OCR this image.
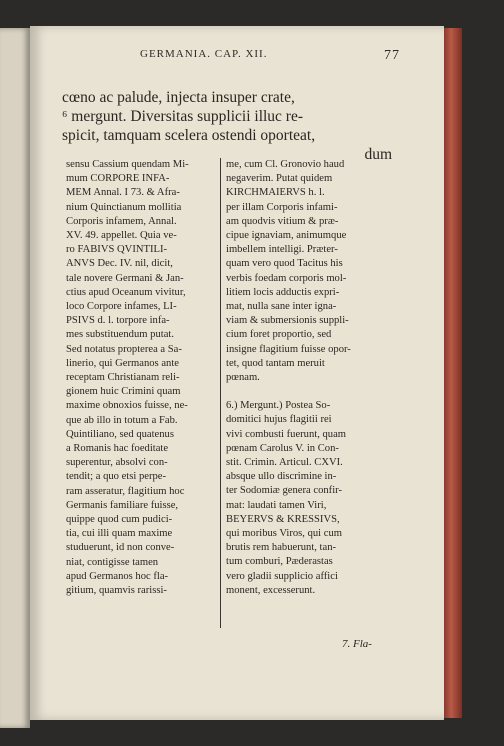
GERMANIA. CAP. XII.	77
cœno ac palude, injecta insuper crate,
⁶ mergunt. Diversitas supplicii illuc re-
spicit, tamquam scelera ostendi oporteat,
dum
sensu Cassium quendam Mi-
mum CORPORE INFA-
MEM Annal. I 73. & Afra-
nium Quinctianum mollitia
Corporis infamem, Annal.
XV. 49. appellet. Quia ve-
ro FABIVS QVINTILI-
ANVS Dec. IV. nil, dicit,
tale novere Germani & Jan-
ctius apud Oceanum vivitur,
loco Corpore infames, LI-
PSIVS d. l. torpore infa-
mes substituendum putat.
Sed notatus propterea a Sa-
linerio, qui Germanos ante
receptam Christianam reli-
gionem huic Crimini quam
maxime obnoxios fuisse, ne-
que ab illo in totum a Fab.
Quintiliano, sed quatenus
a Romanis hac foeditate
superentur, absolvi con-
tendit; a quo etsi perpe-
ram asseratur, flagitium hoc
Germanis familiare fuisse,
quippe quod cum pudici-
tia, cui illi quam maxime
studuerunt, id non conve-
niat, contigisse tamen
apud Germanos hoc fla-
gitium, quamvis rarissi-
me, cum Cl. Gronovio haud
negaverim. Putat quidem
KIRCHMAIERVS h. l.
per illam Corporis infami-
am quodvis vitium & præ-
cipue ignaviam, animumque
imbellem intelligi. Præter-
quam vero quod Tacitus his
verbis foedam corporis mol-
litiem locis adductis expri-
mat, nulla sane inter igna-
viam & submersionis suppli-
cium foret proportio, sed
insigne flagitium fuisse opor-
tet, quod tantam meruit
pœnam.
6.) Mergunt.) Postea So-
domitici hujus flagitii rei
vivi combusti fuerunt, quam
pœnam Carolus V. in Con-
stit. Crimin. Articul. CXVI.
absque ullo discrimine in-
ter Sodomiæ genera confir-
mat: laudati tamen Viri,
BEYERVS & KRESSIVS,
qui moribus Viros, qui cum
brutis rem habuerunt, tan-
tum comburi, Pæderastas
vero gladii supplicio affici
monent, excesserunt.
7. Fla-
